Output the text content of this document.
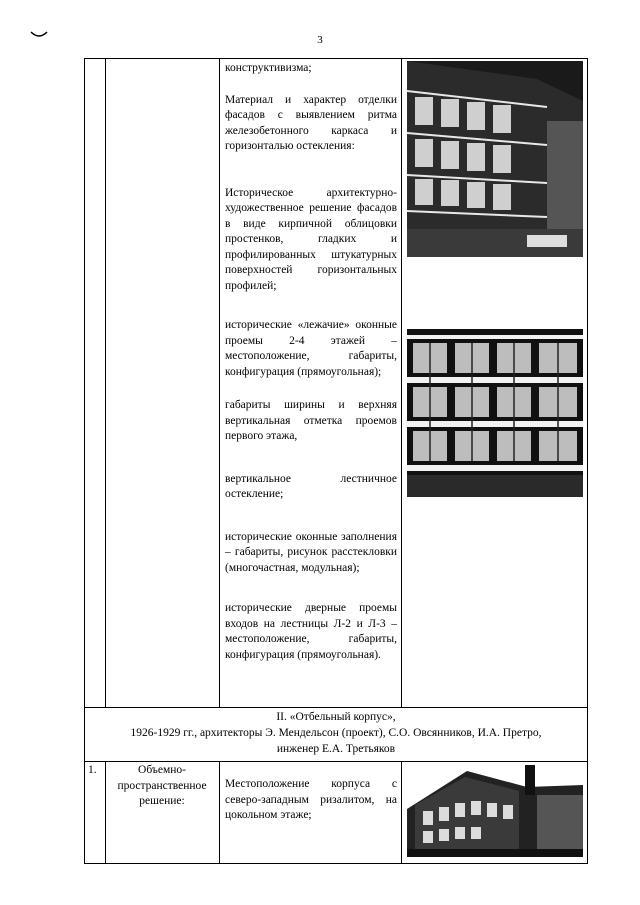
3

конструктивизма;

Материал и характер отделки фасадов с выявлением ритма железобетонного каркаса и горизонталью остекления:

Историческое архитектурно-художественное решение фасадов в виде кирпичной облицовки простенков, гладких и профилированных штукатурных поверхностей горизонтальных профилей;

исторические «лежачие» оконные проемы 2-4 этажей – местоположение, габариты, конфигурация (прямоугольная);

габариты ширины и верхняя вертикальная отметка проемов первого этажа,

вертикальное лестничное остекление;

исторические оконные заполнения – габариты, рисунок расстекловки (многочастная, модульная);

исторические дверные проемы входов на лестницы Л-2 и Л-3 – местоположение, габариты, конфигурация (прямоугольная).

II. «Отбельный корпус»,
1926-1929 гг., архитекторы Э. Мендельсон (проект), С.О. Овсянников, И.А. Претро,
инженер Е.А. Третьяков
1.	Объемно-пространственное решение:
Местоположение корпуса с северо-западным ризалитом, на цокольном этаже;
